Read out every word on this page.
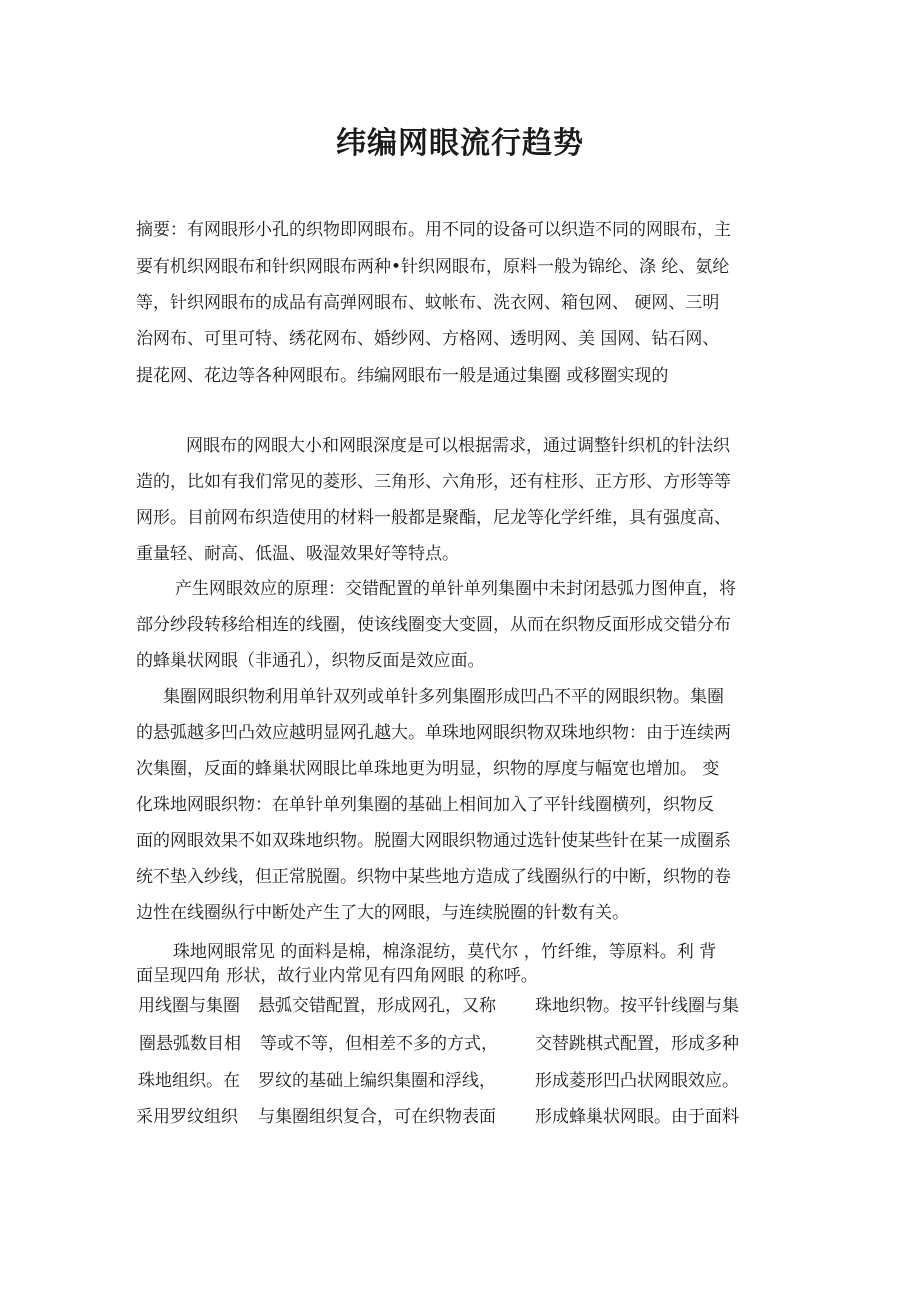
纬编网眼流行趋势
摘要：有网眼形小孔的织物即网眼布。用不同的设备可以织造不同的网眼布，主
要有机织网眼布和针织网眼布两种•针织网眼布，原料一般为锦纶、涤 纶、氨纶
等，针织网眼布的成品有高弹网眼布、蚊帐布、洗衣网、箱包网、 硬网、三明
治网布、可里可特、绣花网布、婚纱网、方格网、透明网、美 国网、钻石网、
提花网、花边等各种网眼布。纬编网眼布一般是通过集圈 或移圈实现的
网眼布的网眼大小和网眼深度是可以根据需求，通过调整针织机的针法织
造的，比如有我们常见的菱形、三角形、六角形，还有柱形、正方形、方形等等
网形。目前网布织造使用的材料一般都是聚酯，尼龙等化学纤维，具有强度高、
重量轻、耐高、低温、吸湿效果好等特点。
产生网眼效应的原理：交错配置的单针单列集圈中未封闭悬弧力图伸直，将
部分纱段转移给相连的线圈，使该线圈变大变圆，从而在织物反面形成交错分布
的蜂巢状网眼（非通孔），织物反面是效应面。
集圈网眼织物利用单针双列或单针多列集圈形成凹凸不平的网眼织物。集圈
的悬弧越多凹凸效应越明显网孔越大。单珠地网眼织物双珠地织物：由于连续两
次集圈，反面的蜂巢状网眼比单珠地更为明显，织物的厚度与幅宽也增加。 变
化珠地网眼织物：在单针单列集圈的基础上相间加入了平针线圈横列，织物反
面的网眼效果不如双珠地织物。脱圈大网眼织物通过选针使某些针在某一成圈系
统不垫入纱线，但正常脱圈。织物中某些地方造成了线圈纵行的中断，织物的卷
边性在线圈纵行中断处产生了大的网眼，与连续脱圈的针数有关。
珠地网眼常见 的面料是棉，棉涤混纺，莫代尔 ，竹纤维，等原料。利 背
面呈现四角 形状，故行业内常见有四角网眼 的称呼。
用线圈与集圈 悬弧交错配置，形成网孔，又称 珠地织物。按平针线圈与集
圈悬弧数目相 等或不等，但相差不多的方式， 交替跳棋式配置，形成多种
珠地组织。在 罗纹的基础上编织集圈和浮线， 形成菱形凹凸状网眼效应。
采用罗纹组织 与集圈组织复合，可在织物表面 形成蜂巢状网眼。由于面料
